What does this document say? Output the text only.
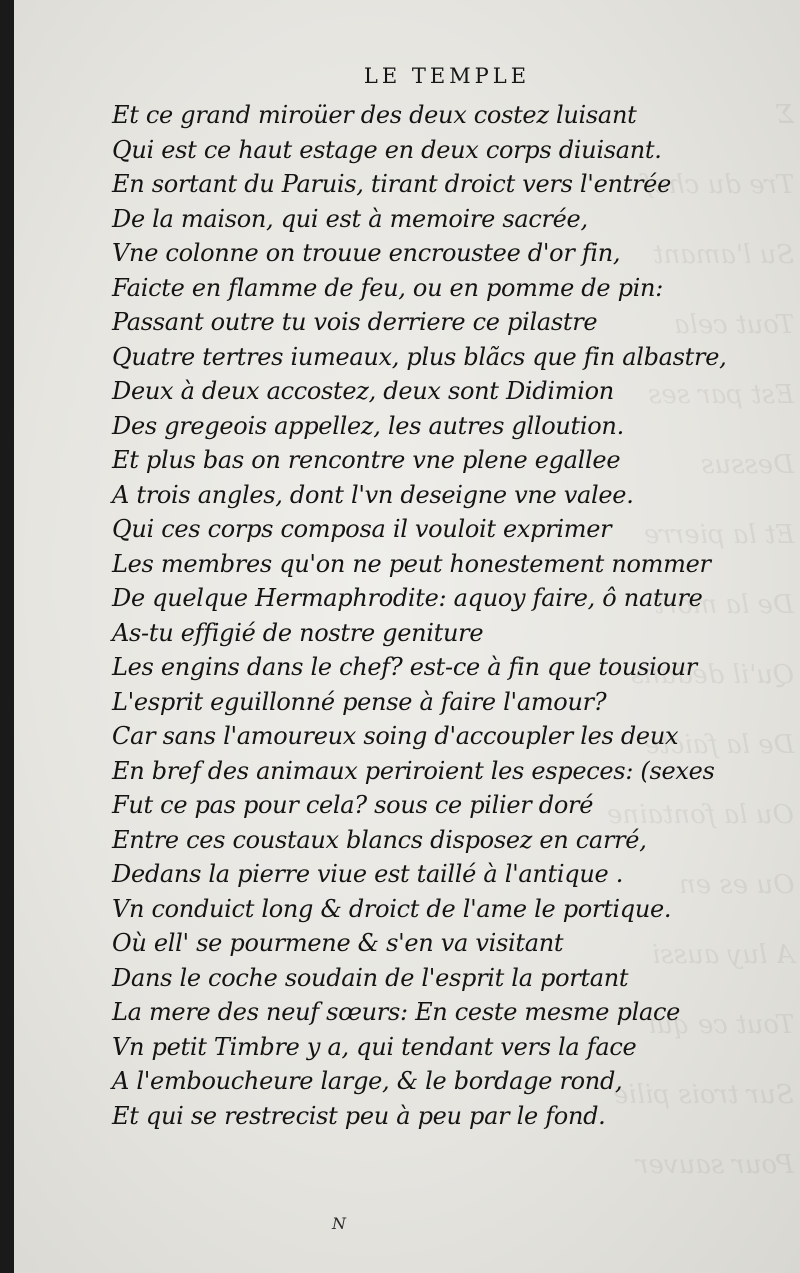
Ʃ
Tre du chef
Su l'amant
Tout cela
Est par ses
Dessus
Et la pierre
De la mort
Qu'il dedans
De la faicte
Ou la fontaine
Ou es en
A luy aussi
Tout ce qui
Sur trois pilie
Pour sauver
LE TEMPLE
Et ce grand miroüer des deux costez luisant
Qui est ce haut estage en deux corps diuisant.
En sortant du Paruis, tirant droict vers l'entrée
De la maison, qui est à memoire sacrée,
Vne colonne on trouue encroustee d'or fin,
Faicte en flamme de feu, ou en pomme de pin:
Passant outre tu vois derriere ce pilastre
Quatre tertres iumeaux, plus blãcs que fin albastre,
Deux à deux accostez, deux sont Didimion
Des gregeois appellez, les autres glloution.
Et plus bas on rencontre vne plene egallee
A trois angles, dont l'vn deseigne vne valee.
Qui ces corps composa il vouloit exprimer
Les membres qu'on ne peut honestement nommer
De quelque Hermaphrodite: aquoy faire, ô nature
As-tu effigié de nostre geniture
Les engins dans le chef? est-ce à fin que tousiour
L'esprit eguillonné pense à faire l'amour?
Car sans l'amoureux soing d'accoupler les deux
En bref des animaux periroient les especes: (sexes
Fut ce pas pour cela? sous ce pilier doré
Entre ces coustaux blancs disposez en carré,
Dedans la pierre viue est taillé à l'antique .
Vn conduict long & droict de l'ame le portique.
Où ell' se pourmene & s'en va visitant
Dans le coche soudain de l'esprit la portant
La mere des neuf sœurs: En ceste mesme place
Vn petit Timbre y a, qui tendant vers la face
A l'emboucheure large, & le bordage rond,
Et qui se restrecist peu à peu par le fond.
N
